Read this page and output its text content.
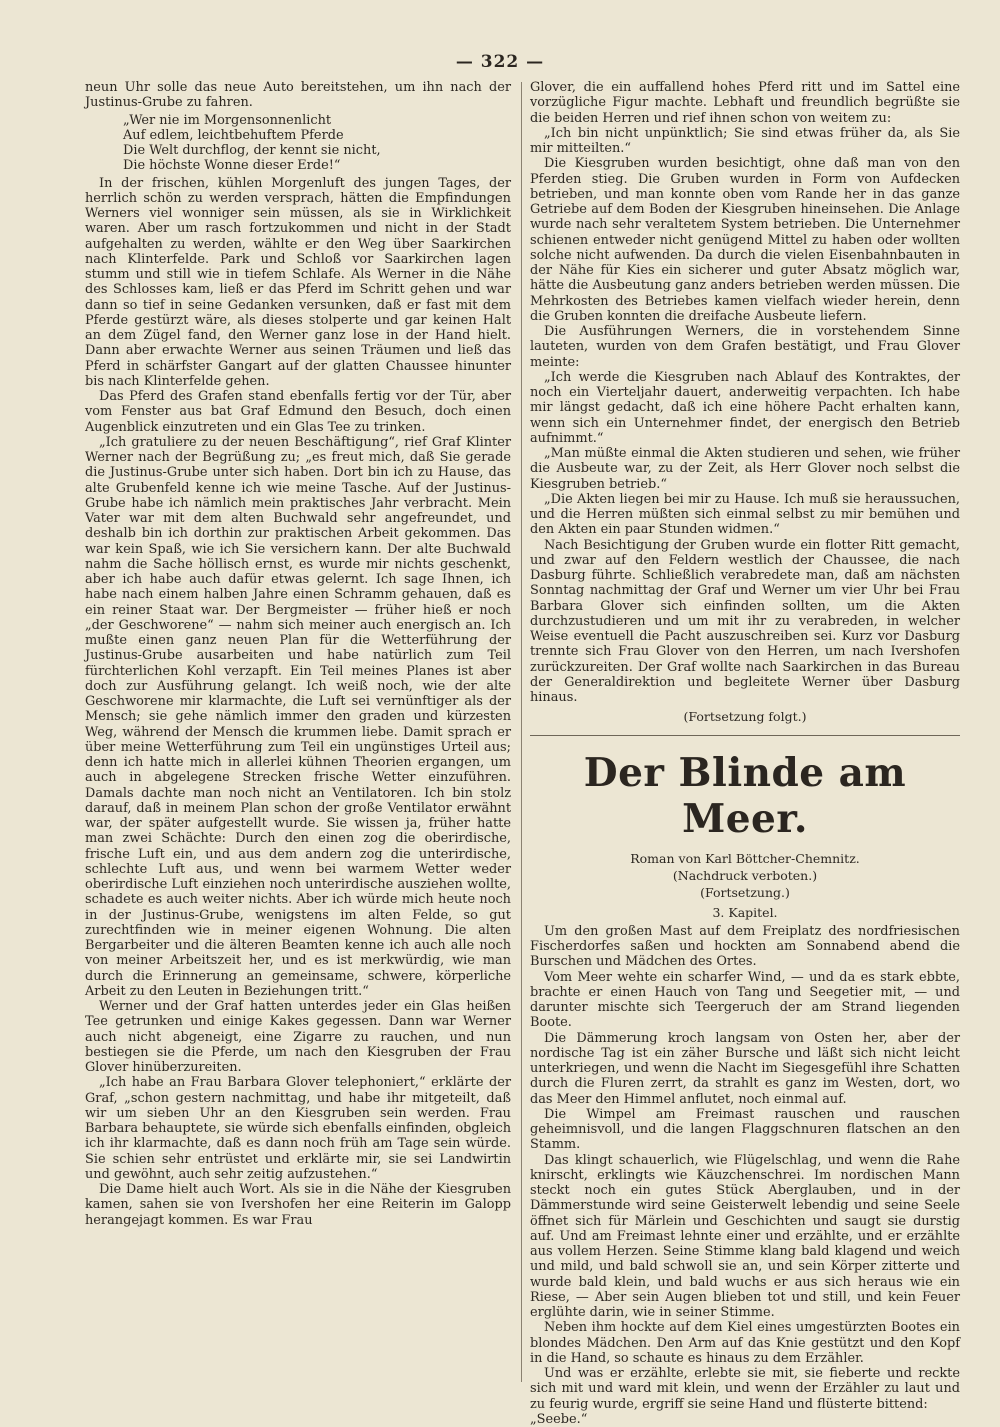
— 322 —

neun Uhr solle das neue Auto bereitstehen, um ihn nach der Justinus-Grube zu fahren.

„Wer nie im Morgensonnenlicht
Auf edlem, leichtbehuftem Pferde
Die Welt durchflog, der kennt sie nicht,
Die höchste Wonne dieser Erde!“

In der frischen, kühlen Morgenluft des jungen Tages, der herrlich schön zu werden versprach, hätten die Empfindungen Werners viel wonniger sein müssen, als sie in Wirklichkeit waren. Aber um rasch fortzukommen und nicht in der Stadt aufgehalten zu werden, wählte er den Weg über Saarkirchen nach Klinterfelde. Park und Schloß vor Saarkirchen lagen stumm und still wie in tiefem Schlafe. Als Werner in die Nähe des Schlosses kam, ließ er das Pferd im Schritt gehen und war dann so tief in seine Gedanken versunken, daß er fast mit dem Pferde gestürzt wäre, als dieses stolperte und gar keinen Halt an dem Zügel fand, den Werner ganz lose in der Hand hielt. Dann aber erwachte Werner aus seinen Träumen und ließ das Pferd in schärfster Gangart auf der glatten Chaussee hinunter bis nach Klinterfelde gehen.

Das Pferd des Grafen stand ebenfalls fertig vor der Tür, aber vom Fenster aus bat Graf Edmund den Besuch, doch einen Augenblick einzutreten und ein Glas Tee zu trinken.

„Ich gratuliere zu der neuen Beschäftigung“, rief Graf Klinter Werner nach der Begrüßung zu; „es freut mich, daß Sie gerade die Justinus-Grube unter sich haben. Dort bin ich zu Hause, das alte Grubenfeld kenne ich wie meine Tasche. Auf der Justinus-Grube habe ich nämlich mein praktisches Jahr verbracht. Mein Vater war mit dem alten Buchwald sehr angefreundet, und deshalb bin ich dorthin zur praktischen Arbeit gekommen. Das war kein Spaß, wie ich Sie versichern kann. Der alte Buchwald nahm die Sache höllisch ernst, es wurde mir nichts geschenkt, aber ich habe auch dafür etwas gelernt. Ich sage Ihnen, ich habe nach einem halben Jahre einen Schramm gehauen, daß es ein reiner Staat war. Der Bergmeister — früher hieß er noch „der Geschworene“ — nahm sich meiner auch energisch an. Ich mußte einen ganz neuen Plan für die Wetterführung der Justinus-Grube ausarbeiten und habe natürlich zum Teil fürchterlichen Kohl verzapft. Ein Teil meines Planes ist aber doch zur Ausführung gelangt. Ich weiß noch, wie der alte Geschworene mir klarmachte, die Luft sei vernünftiger als der Mensch; sie gehe nämlich immer den graden und kürzesten Weg, während der Mensch die krummen liebe. Damit sprach er über meine Wetterführung zum Teil ein ungünstiges Urteil aus; denn ich hatte mich in allerlei kühnen Theorien ergangen, um auch in abgelegene Strecken frische Wetter einzuführen. Damals dachte man noch nicht an Ventilatoren. Ich bin stolz darauf, daß in meinem Plan schon der große Ventilator erwähnt war, der später aufgestellt wurde. Sie wissen ja, früher hatte man zwei Schächte: Durch den einen zog die oberirdische, frische Luft ein, und aus dem andern zog die unterirdische, schlechte Luft aus, und wenn bei warmem Wetter weder oberirdische Luft einziehen noch unterirdische ausziehen wollte, schadete es auch weiter nichts. Aber ich würde mich heute noch in der Justinus-Grube, wenigstens im alten Felde, so gut zurechtfinden wie in meiner eigenen Wohnung. Die alten Bergarbeiter und die älteren Beamten kenne ich auch alle noch von meiner Arbeitszeit her, und es ist merkwürdig, wie man durch die Erinnerung an gemeinsame, schwere, körperliche Arbeit zu den Leuten in Beziehungen tritt.“

Werner und der Graf hatten unterdes jeder ein Glas heißen Tee getrunken und einige Kakes gegessen. Dann war Werner auch nicht abgeneigt, eine Zigarre zu rauchen, und nun bestiegen sie die Pferde, um nach den Kiesgruben der Frau Glover hinüberzureiten.

„Ich habe an Frau Barbara Glover telephoniert,“ erklärte der Graf, „schon gestern nachmittag, und habe ihr mitgeteilt, daß wir um sieben Uhr an den Kiesgruben sein werden. Frau Barbara behauptete, sie würde sich ebenfalls einfinden, obgleich ich ihr klarmachte, daß es dann noch früh am Tage sein würde. Sie schien sehr entrüstet und erklärte mir, sie sei Landwirtin und gewöhnt, auch sehr zeitig aufzustehen.“

Die Dame hielt auch Wort. Als sie in die Nähe der Kiesgruben kamen, sahen sie von Ivershofen her eine Reiterin im Galopp herangejagt kommen. Es war Frau

Glover, die ein auffallend hohes Pferd ritt und im Sattel eine vorzügliche Figur machte. Lebhaft und freundlich begrüßte sie die beiden Herren und rief ihnen schon von weitem zu:

„Ich bin nicht unpünktlich; Sie sind etwas früher da, als Sie mir mitteilten.“

Die Kiesgruben wurden besichtigt, ohne daß man von den Pferden stieg. Die Gruben wurden in Form von Aufdecken betrieben, und man konnte oben vom Rande her in das ganze Getriebe auf dem Boden der Kiesgruben hineinsehen. Die Anlage wurde nach sehr veraltetem System betrieben. Die Unternehmer schienen entweder nicht genügend Mittel zu haben oder wollten solche nicht aufwenden. Da durch die vielen Eisenbahnbauten in der Nähe für Kies ein sicherer und guter Absatz möglich war, hätte die Ausbeutung ganz anders betrieben werden müssen. Die Mehrkosten des Betriebes kamen vielfach wieder herein, denn die Gruben konnten die dreifache Ausbeute liefern.

Die Ausführungen Werners, die in vorstehendem Sinne lauteten, wurden von dem Grafen bestätigt, und Frau Glover meinte:

„Ich werde die Kiesgruben nach Ablauf des Kontraktes, der noch ein Vierteljahr dauert, anderweitig verpachten. Ich habe mir längst gedacht, daß ich eine höhere Pacht erhalten kann, wenn sich ein Unternehmer findet, der energisch den Betrieb aufnimmt.“

„Man müßte einmal die Akten studieren und sehen, wie früher die Ausbeute war, zu der Zeit, als Herr Glover noch selbst die Kiesgruben betrieb.“

„Die Akten liegen bei mir zu Hause. Ich muß sie heraussuchen, und die Herren müßten sich einmal selbst zu mir bemühen und den Akten ein paar Stunden widmen.“

Nach Besichtigung der Gruben wurde ein flotter Ritt gemacht, und zwar auf den Feldern westlich der Chaussee, die nach Dasburg führte. Schließlich verabredete man, daß am nächsten Sonntag nachmittag der Graf und Werner um vier Uhr bei Frau Barbara Glover sich einfinden sollten, um die Akten durchzustudieren und um mit ihr zu verabreden, in welcher Weise eventuell die Pacht auszuschreiben sei. Kurz vor Dasburg trennte sich Frau Glover von den Herren, um nach Ivershofen zurückzureiten. Der Graf wollte nach Saarkirchen in das Bureau der Generaldirektion und begleitete Werner über Dasburg hinaus.

(Fortsetzung folgt.)

Der Blinde am Meer.
Roman von Karl Böttcher-Chemnitz.
(Nachdruck verboten.)
(Fortsetzung.)
3. Kapitel.

Um den großen Mast auf dem Freiplatz des nordfriesischen Fischerdorfes saßen und hockten am Sonnabend abend die Burschen und Mädchen des Ortes.

Vom Meer wehte ein scharfer Wind, — und da es stark ebbte, brachte er einen Hauch von Tang und Seegetier mit, — und darunter mischte sich Teergeruch der am Strand liegenden Boote.

Die Dämmerung kroch langsam von Osten her, aber der nordische Tag ist ein zäher Bursche und läßt sich nicht leicht unterkriegen, und wenn die Nacht im Siegesgefühl ihre Schatten durch die Fluren zerrt, da strahlt es ganz im Westen, dort, wo das Meer den Himmel anflutet, noch einmal auf.

Die Wimpel am Freimast rauschen und rauschen geheimnisvoll, und die langen Flaggschnuren flatschen an den Stamm.

Das klingt schauerlich, wie Flügelschlag, und wenn die Rahe knirscht, erklingts wie Käuzchenschrei. Im nordischen Mann steckt noch ein gutes Stück Aberglauben, und in der Dämmerstunde wird seine Geisterwelt lebendig und seine Seele öffnet sich für Märlein und Geschichten und saugt sie durstig auf. Und am Freimast lehnte einer und erzählte, und er erzählte aus vollem Herzen. Seine Stimme klang bald klagend und weich und mild, und bald schwoll sie an, und sein Körper zitterte und wurde bald klein, und bald wuchs er aus sich heraus wie ein Riese, — Aber sein Augen blieben tot und still, und kein Feuer erglühte darin, wie in seiner Stimme.

Neben ihm hockte auf dem Kiel eines umgestürzten Bootes ein blondes Mädchen. Den Arm auf das Knie gestützt und den Kopf in die Hand, so schaute es hinaus zu dem Erzähler.

Und was er erzählte, erlebte sie mit, sie fieberte und reckte sich mit und ward mit klein, und wenn der Erzähler zu laut und zu feurig wurde, ergriff sie seine Hand und flüsterte bittend:

„Seebe.“
